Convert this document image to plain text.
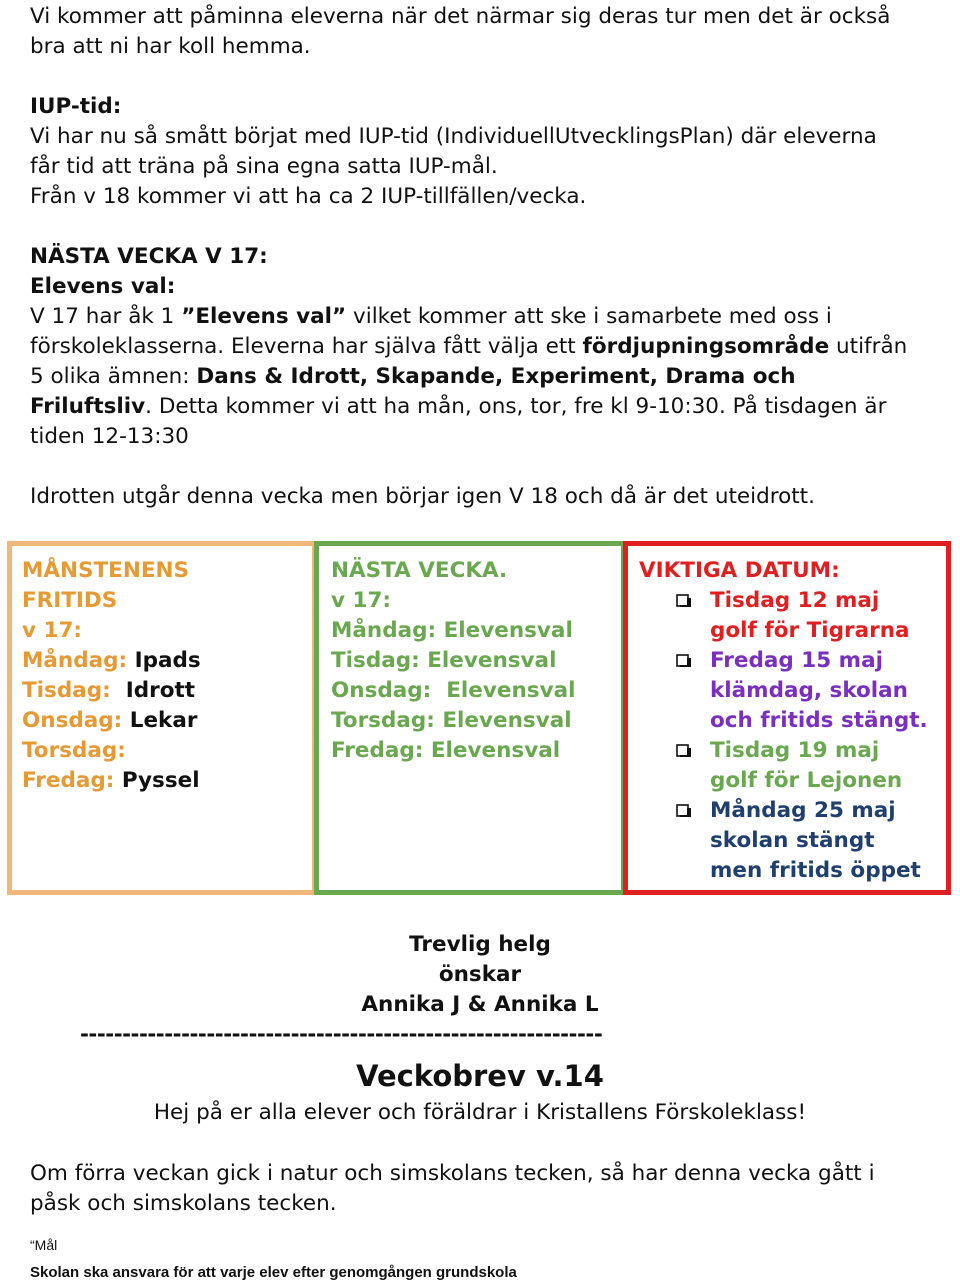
Vi kommer att påminna eleverna när det närmar sig deras tur men det är också
bra att ni har koll hemma.
IUP-tid:
Vi har nu så smått börjat med IUP-tid (IndividuellUtvecklingsPlan) där eleverna
får tid att träna på sina egna satta IUP-mål.
Från v 18 kommer vi att ha ca 2 IUP-tillfällen/vecka.
NÄSTA VECKA V 17:
Elevens val:
V 17 har åk 1 ”Elevens val” vilket kommer att ske i samarbete med oss i
förskoleklasserna. Eleverna har själva fått välja ett fördjupningsområde utifrån
5 olika ämnen: Dans & Idrott, Skapande, Experiment, Drama och
Friluftsliv. Detta kommer vi att ha mån, ons, tor, fre kl 9-10:30. På tisdagen är
tiden 12-13:30
Idrotten utgår denna vecka men börjar igen V 18 och då är det uteidrott.
MÅNSTENENS
FRITIDS
v 17:
Måndag: Ipads
Tisdag:  Idrott
Onsdag: Lekar
Torsdag:
Fredag: Pyssel
NÄSTA VECKA.
v 17:
Måndag: Elevensval
Tisdag: Elevensval
Onsdag:  Elevensval
Torsdag: Elevensval
Fredag: Elevensval
VIKTIGA DATUM:
Tisdag 12 maj
golf för Tigrarna
Fredag 15 maj
klämdag, skolan
och fritids stängt.
Tisdag 19 maj
golf för Lejonen
Måndag 25 maj
skolan stängt
men fritids öppet
Trevlig helg
önskar
Annika J & Annika L
--------------------------------------------------------------
Veckobrev v.14
Hej på er alla elever och föräldrar i Kristallens Förskoleklass!
Om förra veckan gick i natur och simskolans tecken, så har denna vecka gått i
påsk och simskolans tecken.
“Mål
Skolan ska ansvara för att varje elev efter genomgången grundskola
